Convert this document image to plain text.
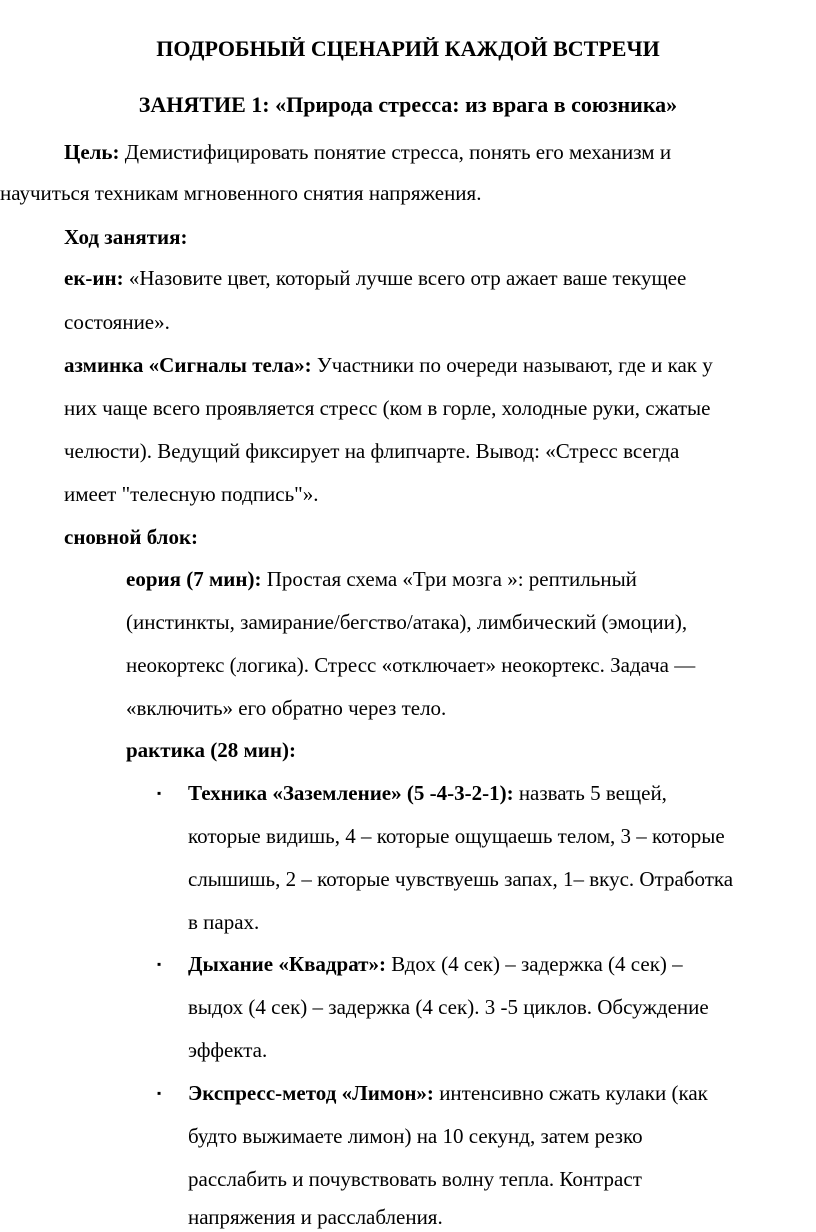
ПОДРОБНЫЙ СЦЕНАРИЙ КАЖДОЙ ВСТРЕЧИ
ЗАНЯТИЕ 1: «Природа стресса: из врага в союзника»
Цель: Демистифицировать понятие стресса, понять его механизм и
научиться техникам мгновенного снятия напряжения.
Ход занятия:
ек-ин: «Назовите цвет, который лучше всего отр ажает ваше текущее
состояние».
азминка «Сигналы тела»: Участники по очереди называют, где и как у
них чаще всего проявляется стресс (ком в горле, холодные руки, сжатые
челюсти). Ведущий фиксирует на флипчарте. Вывод: «Стресс всегда
имеет "телесную подпись"».
сновной блок:
еория (7 мин): Простая схема «Три мозга »: рептильный
(инстинкты, замирание/бегство/атака), лимбический (эмоции),
неокортекс (логика). Стресс «отключает» неокортекс. Задача —
«включить» его обратно через тело.
рактика (28 мин):
▪ Техника «Заземление» (5 -4-3-2-1): назвать 5 вещей,
которые видишь, 4 – которые ощущаешь телом, 3 – которые
слышишь, 2 – которые чувствуешь запах, 1– вкус. Отработка
в парах.
▪ Дыхание «Квадрат»: Вдох (4 сек) – задержка (4 сек) –
выдох (4 сек) – задержка (4 сек). 3 -5 циклов. Обсуждение
эффекта.
▪ Экспресс-метод «Лимон»: интенсивно сжать кулаки (как
будто выжимаете лимон) на 10 секунд, затем резко
расслабить и почувствовать волну тепла. Контраст
напряжения и расслабления.
